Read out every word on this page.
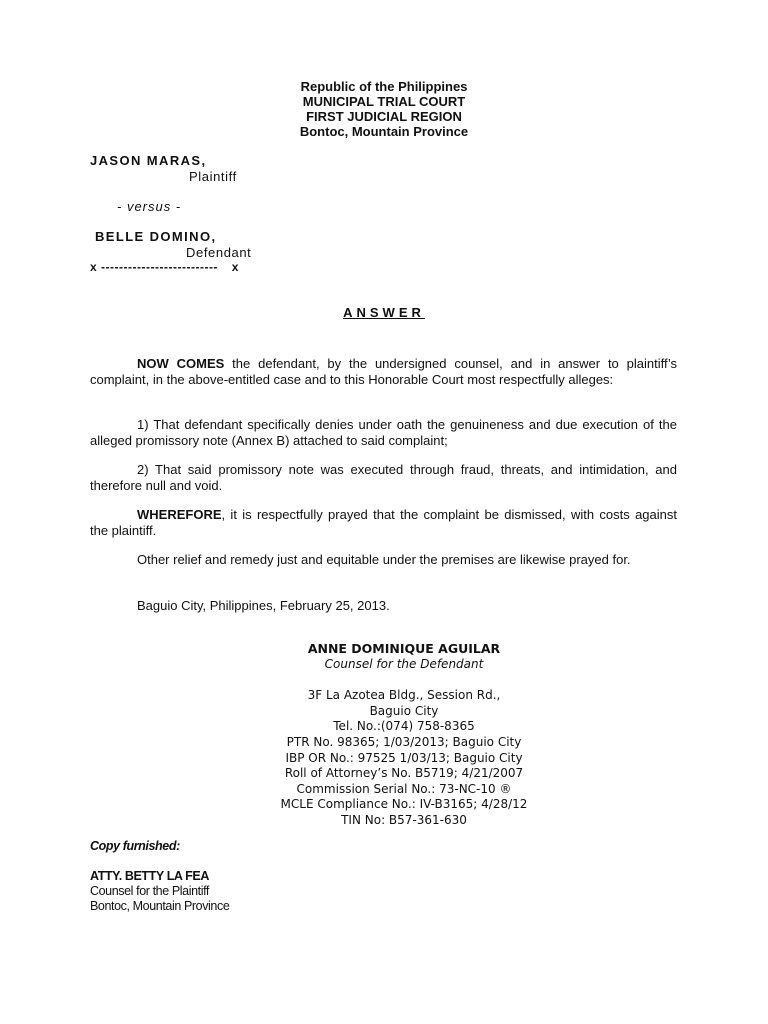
Republic of the Philippines
MUNICIPAL TRIAL COURT
FIRST JUDICIAL REGION
Bontoc, Mountain Province
JASON MARAS,
Plaintiff
- versus -
BELLE DOMINO,
Defendant
x -------------------------- x
ANSWER
NOW COMES the defendant, by the undersigned counsel, and in answer to plaintiff’s complaint, in the above-entitled case and to this Honorable Court most respectfully alleges:
1) That defendant specifically denies under oath the genuineness and due execution of the alleged promissory note (Annex B) attached to said complaint;
2) That said promissory note was executed through fraud, threats, and intimidation, and therefore null and void.
WHEREFORE, it is respectfully prayed that the complaint be dismissed, with costs against the plaintiff.
Other relief and remedy just and equitable under the premises are likewise prayed for.
Baguio City, Philippines, February 25, 2013.
ANNE DOMINIQUE AGUILAR
Counsel for the Defendant
3F La Azotea Bldg., Session Rd.,
Baguio City
Tel. No.:(074) 758-8365
PTR No. 98365; 1/03/2013; Baguio City
IBP OR No.: 97525 1/03/13; Baguio City
Roll of Attorney’s No. B5719; 4/21/2007
Commission Serial No.: 73-NC-10 ®
MCLE Compliance No.: IV-B3165; 4/28/12
TIN No: B57-361-630
Copy furnished:
ATTY. BETTY LA FEA
Counsel for the Plaintiff
Bontoc, Mountain Province
